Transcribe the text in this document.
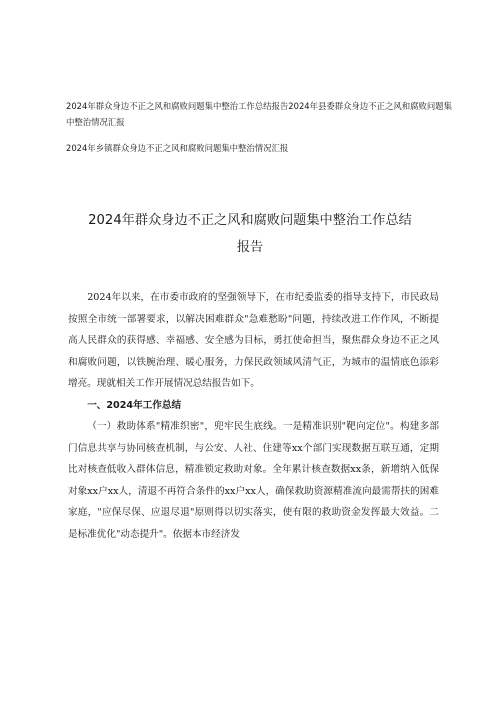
2024年群众身边不正之风和腐败问题集中整治工作总结报告2024年县委群众身边不正之风和腐败问题集中整治情况汇报

2024年乡镇群众身边不正之风和腐败问题集中整治情况汇报

2024年群众身边不正之风和腐败问题集中整治工作总结
报告

2024年以来，在市委市政府的坚强领导下，在市纪委监委的指导支持下，市民政局按照全市统一部署要求，以解决困难群众"急难愁盼"问题，持续改进工作作风，不断提高人民群众的获得感、幸福感、安全感为目标，勇扛使命担当，聚焦群众身边不正之风和腐败问题，以铁腕治理、暖心服务，力保民政领域风清气正，为城市的温情底色添彩增亮。现就相关工作开展情况总结报告如下。

一、2024年工作总结

（一）救助体系"精准织密"，兜牢民生底线。一是精准识别"靶向定位"。构建多部门信息共享与协同核查机制，与公安、人社、住建等xx个部门实现数据互联互通，定期比对核查低收入群体信息，精准锁定救助对象。全年累计核查数据xx条，新增纳入低保对象xx户xx人，清退不再符合条件的xx户xx人，确保救助资源精准流向最需帮扶的困难家庭，"应保尽保、应退尽退"原则得以切实落实，使有限的救助资金发挥最大效益。二是标准优化"动态提升"。依据本市经济发
